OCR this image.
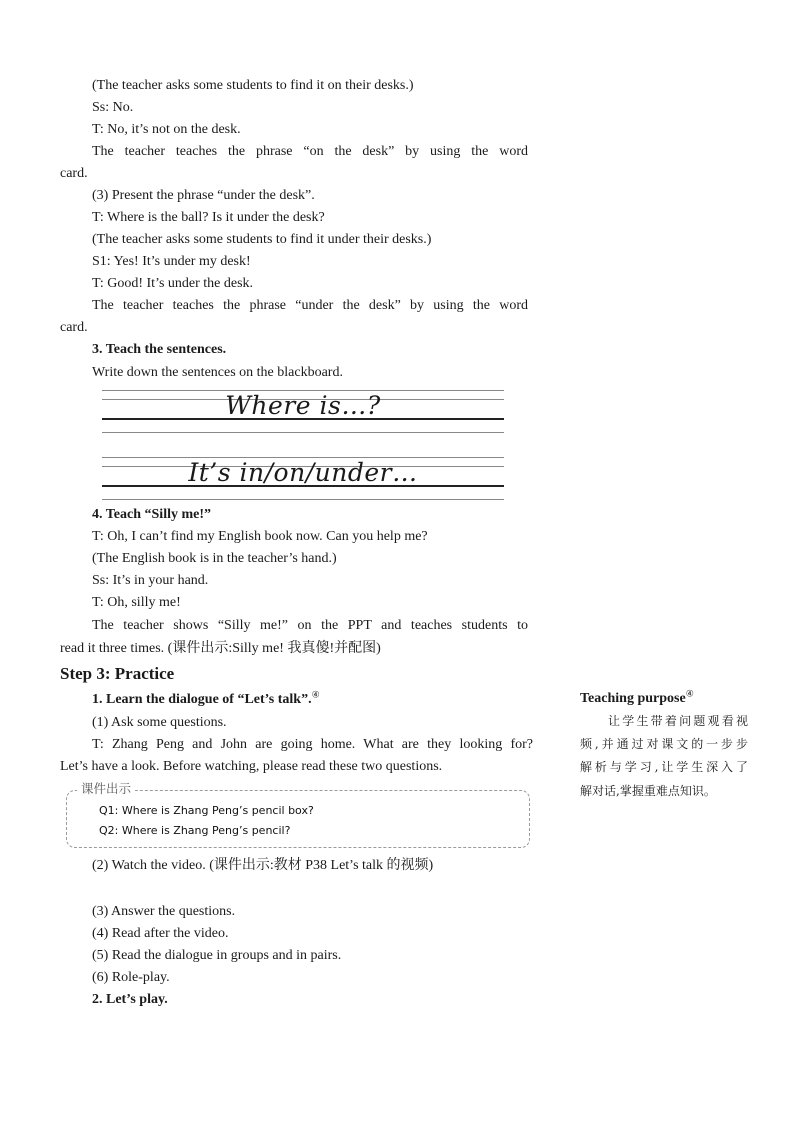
(The teacher asks some students to find it on their desks.)
Ss: No.
T: No, it’s not on the desk.
The teacher teaches the phrase “on the desk” by using the word
card.
(3) Present the phrase “under the desk”.
T: Where is the ball? Is it under the desk?
(The teacher asks some students to find it under their desks.)
S1: Yes! It’s under my desk!
T: Good! It’s under the desk.
The teacher teaches the phrase “under the desk” by using the word
card.
3. Teach the sentences.
Write down the sentences on the blackboard.
Where is…?
It’s in/on/under…
4. Teach “Silly me!”
T: Oh, I can’t find my English book now. Can you help me?
(The English book is in the teacher’s hand.)
Ss: It’s in your hand.
T: Oh, silly me!
The teacher shows “Silly me!” on the PPT and teaches students to
read it three times. (课件出示:Silly me! 我真傻!并配图)
Step 3: Practice
1. Learn the dialogue of “Let’s talk”.④
(1) Ask some questions.
T: Zhang Peng and John are going home. What are they looking for?
Let’s have a look. Before watching, please read these two questions.
课件出示
Q1: Where is Zhang Peng’s pencil box?
Q2: Where is Zhang Peng’s pencil?
(2) Watch the video. (课件出示:教材 P38 Let’s talk 的视频)
(3) Answer the questions.
(4) Read after the video.
(5) Read the dialogue in groups and in pairs.
(6) Role-play.
2. Let’s play.
Teaching purpose④
让学生带着问题观看视
频,并通过对课文的一步步
解析与学习,让学生深入了
解对话,掌握重难点知识。
